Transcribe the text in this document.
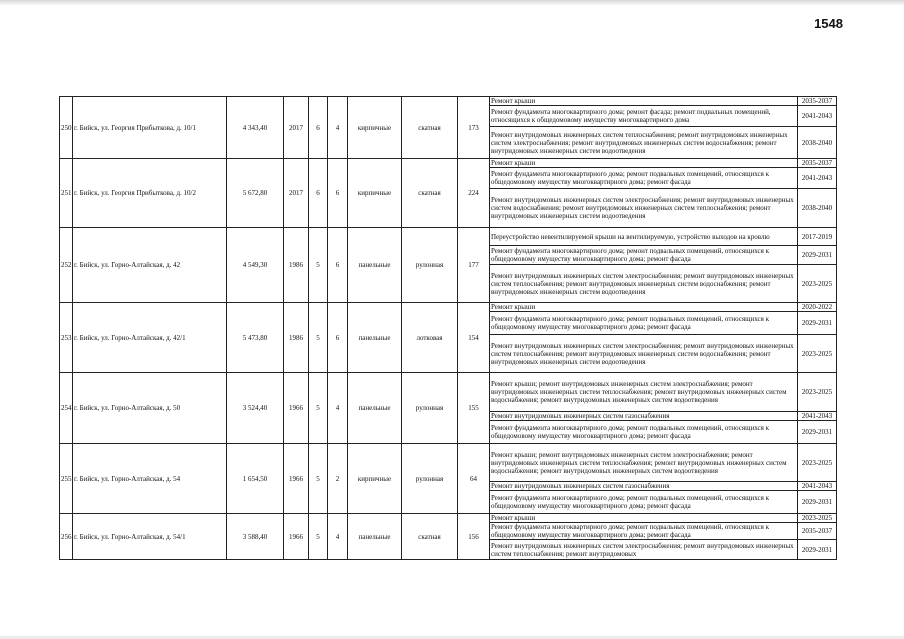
1548
250	г. Бийск, ул. Георгия Прибыткова, д. 10/1	4 343,40	2017	6	4	кирпичные	скатная	173	Ремонт крыши	2035-2037
									Ремонт фундамента многоквартирного дома; ремонт фасада; ремонт подвальных помещений, относящихся к общедомовому имуществу многоквартирного дома	2041-2043
									Ремонт внутридомовых инженерных систем теплоснабжения; ремонт внутридомовых инженерных систем электроснабжения; ремонт внутридомовых инженерных систем водоснабжения; ремонт внутридомовых инженерных систем водоотведения	2038-2040
251	г. Бийск, ул. Георгия Прибыткова, д. 10/2	5 672,80	2017	6	6	кирпичные	скатная	224	Ремонт крыши	2035-2037
									Ремонт фундамента многоквартирного дома; ремонт подвальных помещений, относящихся к общедомовому имуществу многоквартирного дома; ремонт фасада	2041-2043
									Ремонт внутридомовых инженерных систем электроснабжения; ремонт внутридомовых инженерных систем водоснабжения; ремонт внутридомовых инженерных систем теплоснабжения; ремонт внутридомовых инженерных систем водоотведения	2038-2040
252	г. Бийск, ул. Горно-Алтайская, д. 42	4 549,30	1986	5	6	панельные	рулонная	177	Переустройство невентилируемой крыши на вентилируемую, устройство выходов на кровлю	2017-2019
									Ремонт фундамента многоквартирного дома; ремонт подвальных помещений, относящихся к общедомовому имуществу многоквартирного дома; ремонт фасада	2029-2031
									Ремонт внутридомовых инженерных систем электроснабжения; ремонт внутридомовых инженерных систем теплоснабжения; ремонт внутридомовых инженерных систем водоснабжения; ремонт внутридомовых инженерных систем водоотведения	2023-2025
253	г. Бийск, ул. Горно-Алтайская, д. 42/1	5 473,80	1986	5	6	панельные	лотковая	154	Ремонт крыши	2020-2022
									Ремонт фундамента многоквартирного дома; ремонт подвальных помещений, относящихся к общедомовому имуществу многоквартирного дома; ремонт фасада	2029-2031
									Ремонт внутридомовых инженерных систем электроснабжения; ремонт внутридомовых инженерных систем теплоснабжения; ремонт внутридомовых инженерных систем водоснабжения; ремонт внутридомовых инженерных систем водоотведения	2023-2025
254	г. Бийск, ул. Горно-Алтайская, д. 50	3 524,40	1966	5	4	панельные	рулонная	155	Ремонт крыши; ремонт внутридомовых инженерных систем электроснабжения; ремонт внутридомовых инженерных систем теплоснабжения; ремонт внутридомовых инженерных систем водоснабжения; ремонт внутридомовых инженерных систем водоотведения	2023-2025
									Ремонт внутридомовых инженерных систем газоснабжения	2041-2043
									Ремонт фундамента многоквартирного дома; ремонт подвальных помещений, относящихся к общедомовому имуществу многоквартирного дома; ремонт фасада	2029-2031
255	г. Бийск, ул. Горно-Алтайская, д. 54	1 654,50	1966	5	2	кирпичные	рулонная	64	Ремонт крыши; ремонт внутридомовых инженерных систем электроснабжения; ремонт внутридомовых инженерных систем теплоснабжения; ремонт внутридомовых инженерных систем водоснабжения; ремонт внутридомовых инженерных систем водоотведения	2023-2025
									Ремонт внутридомовых инженерных систем газоснабжения	2041-2043
									Ремонт фундамента многоквартирного дома; ремонт подвальных помещений, относящихся к общедомовому имуществу многоквартирного дома; ремонт фасада	2029-2031
256	г. Бийск, ул. Горно-Алтайская, д. 54/1	3 588,40	1966	5	4	панельные	скатная	156	Ремонт крыши	2023-2025
									Ремонт фундамента многоквартирного дома; ремонт подвальных помещений, относящихся к общедомовому имуществу многоквартирного дома; ремонт фасада	2035-2037
									Ремонт внутридомовых инженерных систем электроснабжения; ремонт внутридомовых инженерных систем теплоснабжения; ремонт внутридомовых	2029-2031
